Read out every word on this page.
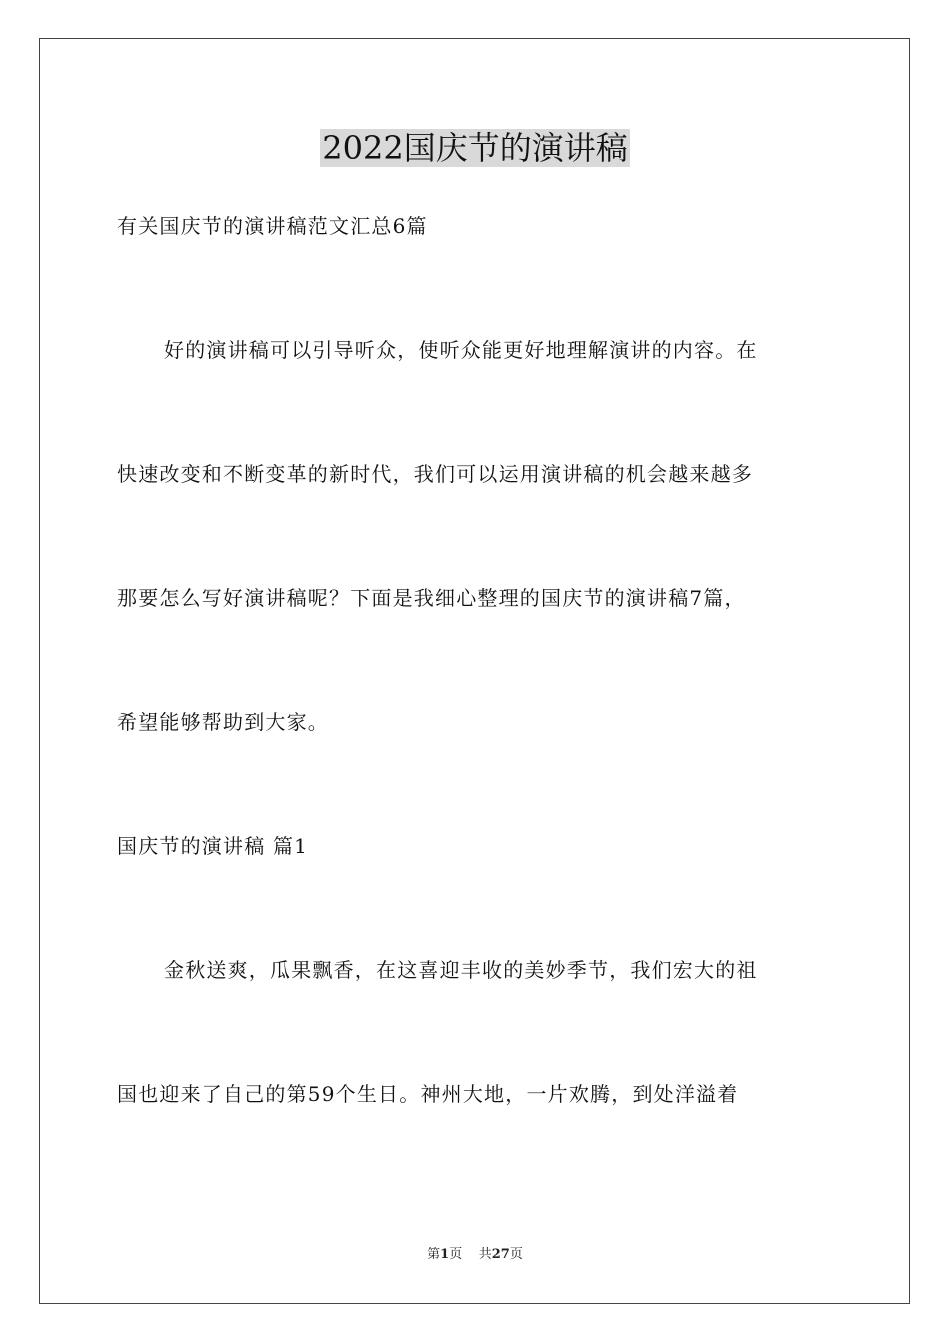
2022国庆节的演讲稿
有关国庆节的演讲稿范文汇总6篇
好的演讲稿可以引导听众，使听众能更好地理解演讲的内容。在
快速改变和不断变革的新时代，我们可以运用演讲稿的机会越来越多
那要怎么写好演讲稿呢？下面是我细心整理的国庆节的演讲稿7篇，
希望能够帮助到大家。
国庆节的演讲稿 篇1
金秋送爽，瓜果飘香，在这喜迎丰收的美妙季节，我们宏大的祖
国也迎来了自己的第59个生日。神州大地，一片欢腾，到处洋溢着
第1页 共27页
